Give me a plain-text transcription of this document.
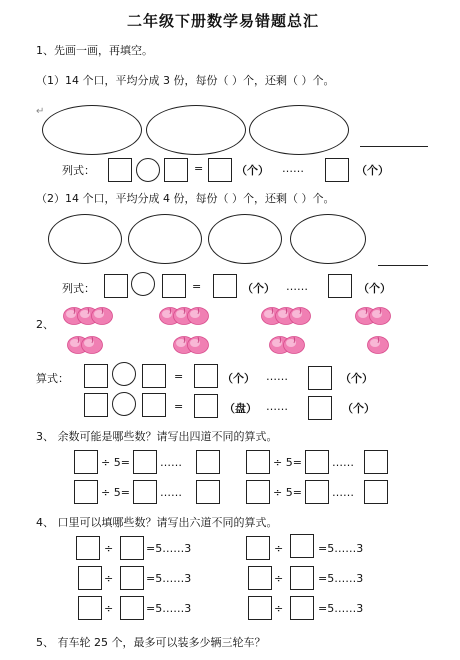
二年级下册数学易错题总汇
1、先画一画，再填空。
（1）14 个口，平均分成 3 份，每份（ ）个，还剩（ ）个。
↵
列式：	=	（个） ……	（个）
（2）14 个口，平均分成 4 份，每份（ ）个，还剩（ ）个。
列式：	=	（个） ……	（个）
2、
算式：	=	（个） ……	（个）
=	（盘） ……	（个）
3、 余数可能是哪些数？请写出四道不同的算式。
÷ 5=	……	÷ 5=	……
÷ 5=	……	÷ 5=	……
4、 口里可以填哪些数？请写出六道不同的算式。
÷	=5……3	÷	=5……3
÷	=5……3	÷	=5……3
÷	=5……3	÷	=5……3
5、 有车轮 25 个，最多可以装多少辆三轮车？
